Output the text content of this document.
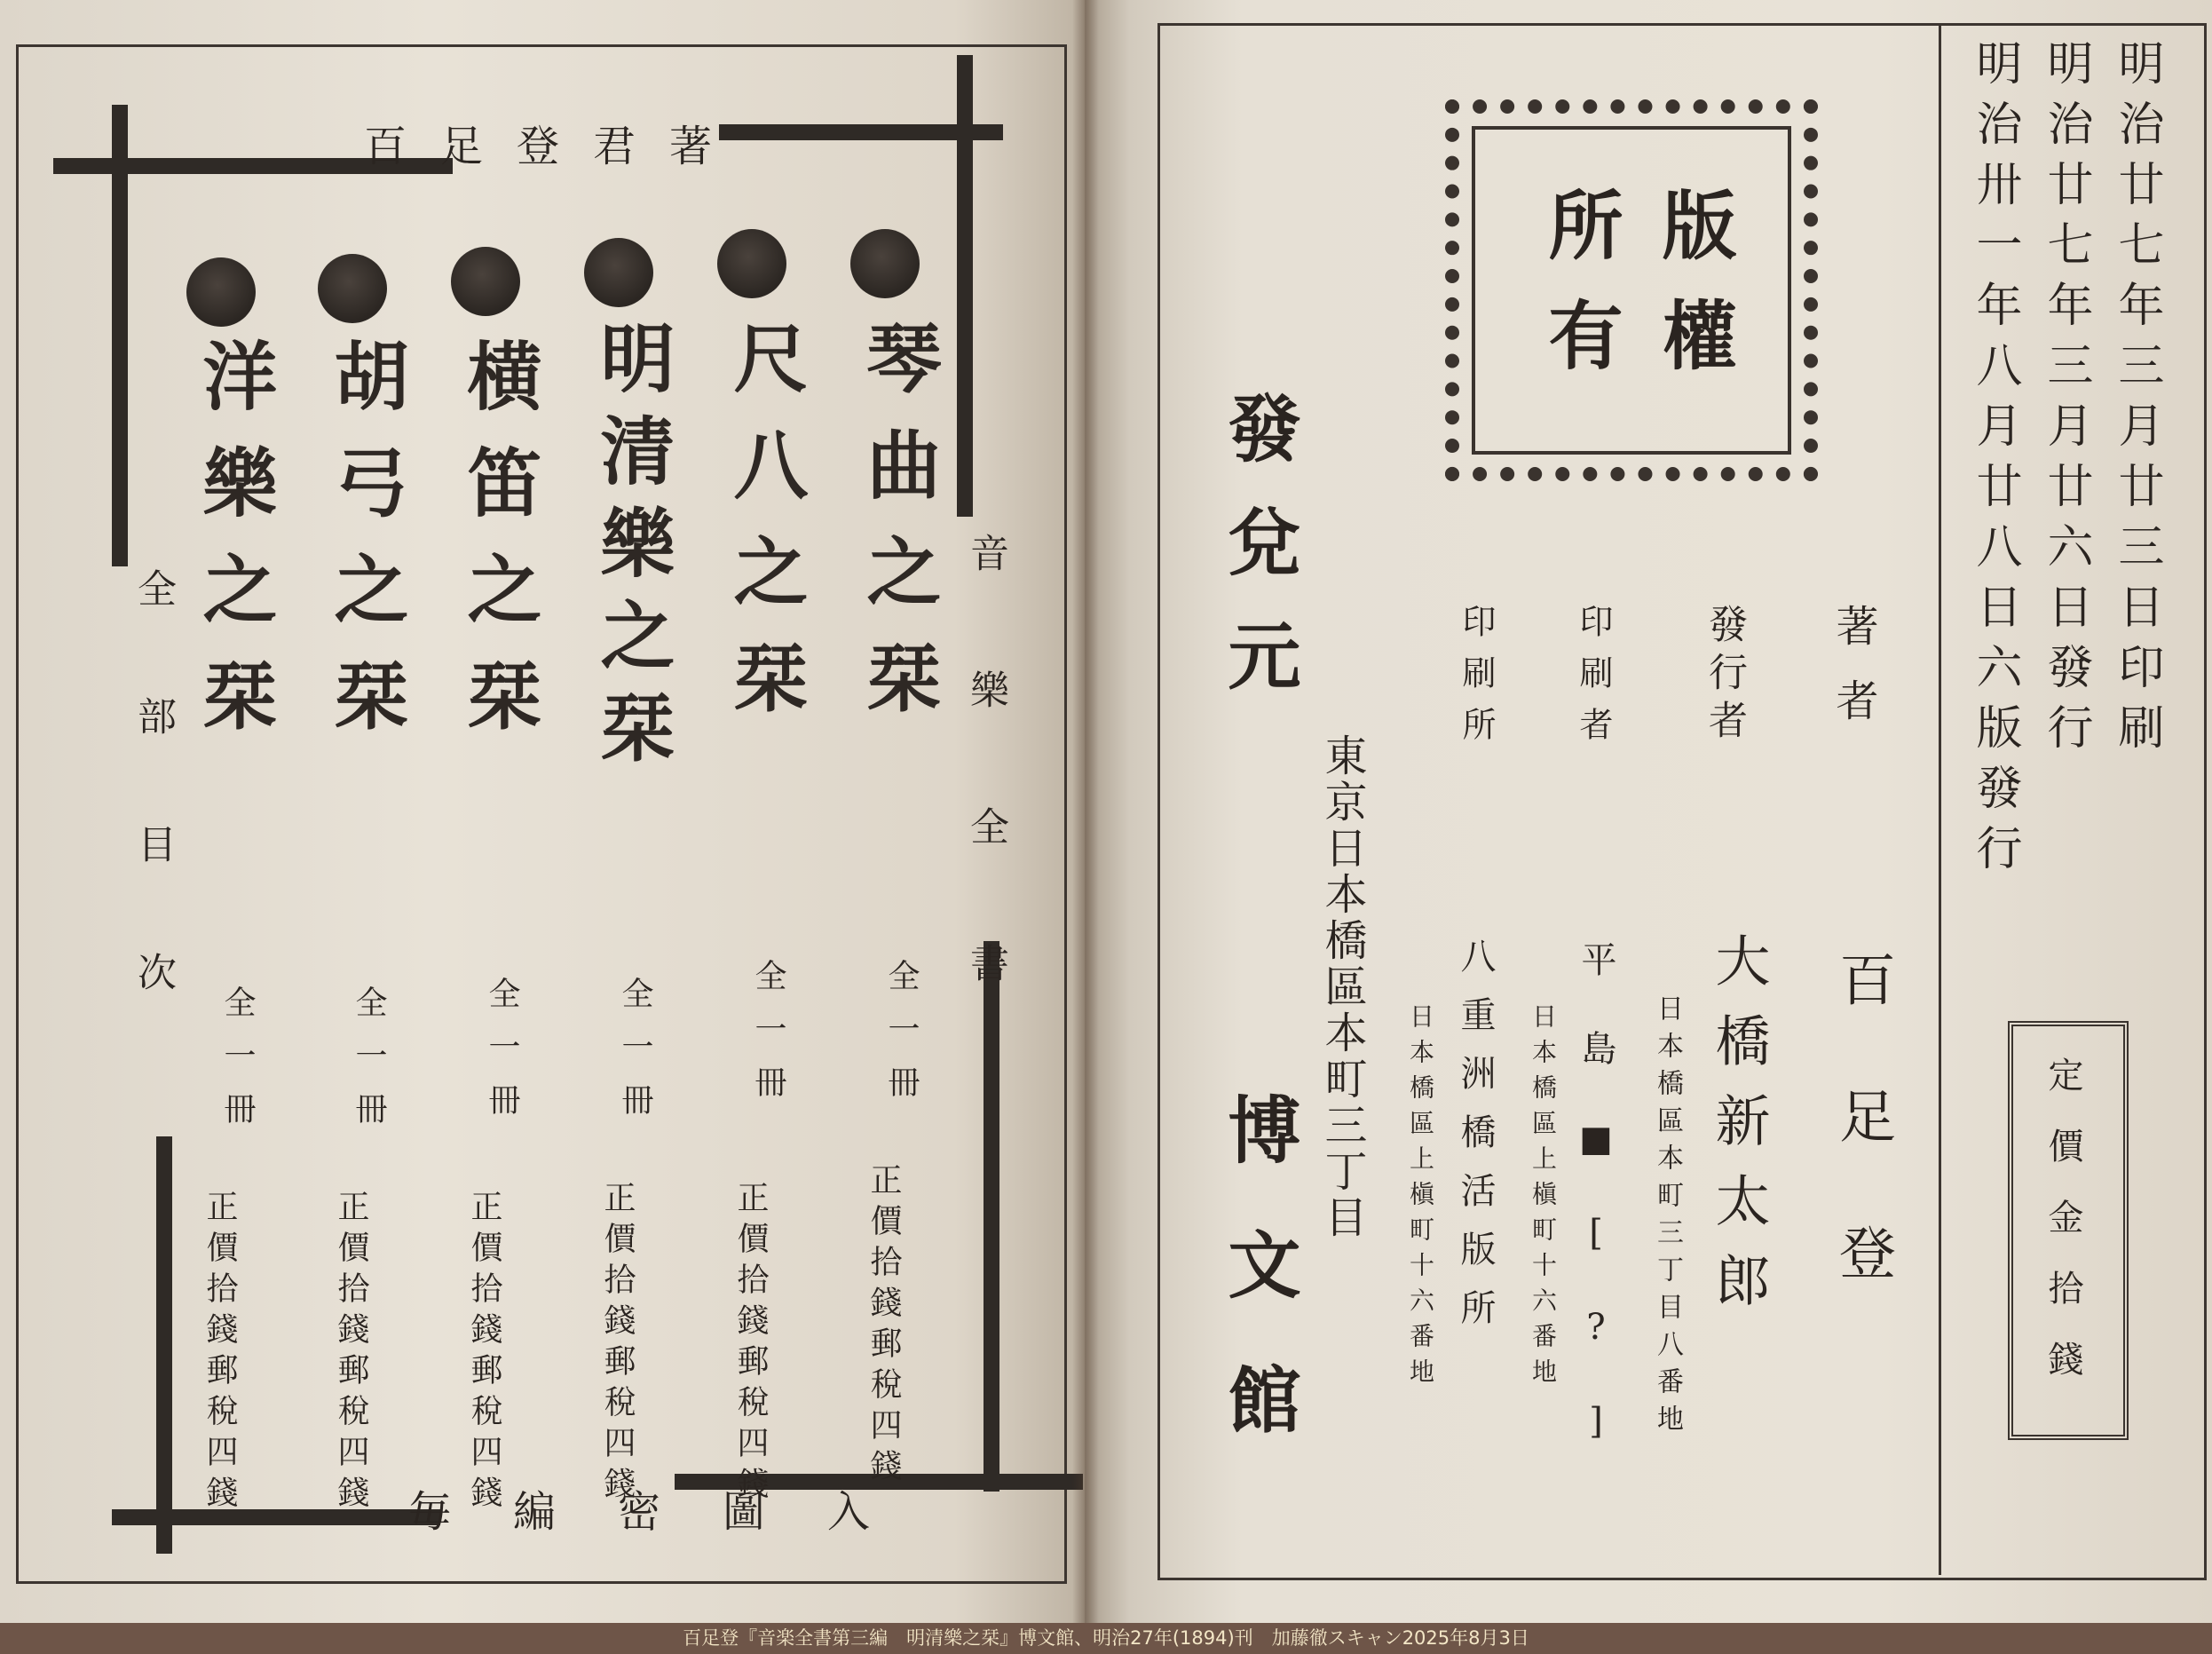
百足登君著
音樂全書
全部目次
毎編密圖入
琴曲之栞
全一冊
正價拾錢郵稅四錢
尺八之栞
全一冊
正價拾錢郵稅四錢
明清樂之栞
全一冊
正價拾錢郵稅四錢
横笛之栞
全一冊
正價拾錢郵稅四錢
胡弓之栞
全一冊
正價拾錢郵稅四錢
洋樂之栞
全一冊
正價拾錢郵稅四錢
明治廿七年三月廿三日印刷
明治廿七年三月廿六日發行
明治卅一年八月廿八日六版發行
版權
所有
定價金拾錢
著者
百足登
發行者
大橋新太郎
日本橋區本町三丁目八番地
印刷者
平島■[?]
日本橋區上槇町十六番地
印刷所
八重洲橋活版所
日本橋區上槇町十六番地
東京日本橋區本町三丁目
發兌元
博文館
百足登『音楽全書第三編　明清樂之栞』博文館、明治27年(1894)刊　加藤徹スキャン2025年8月3日
